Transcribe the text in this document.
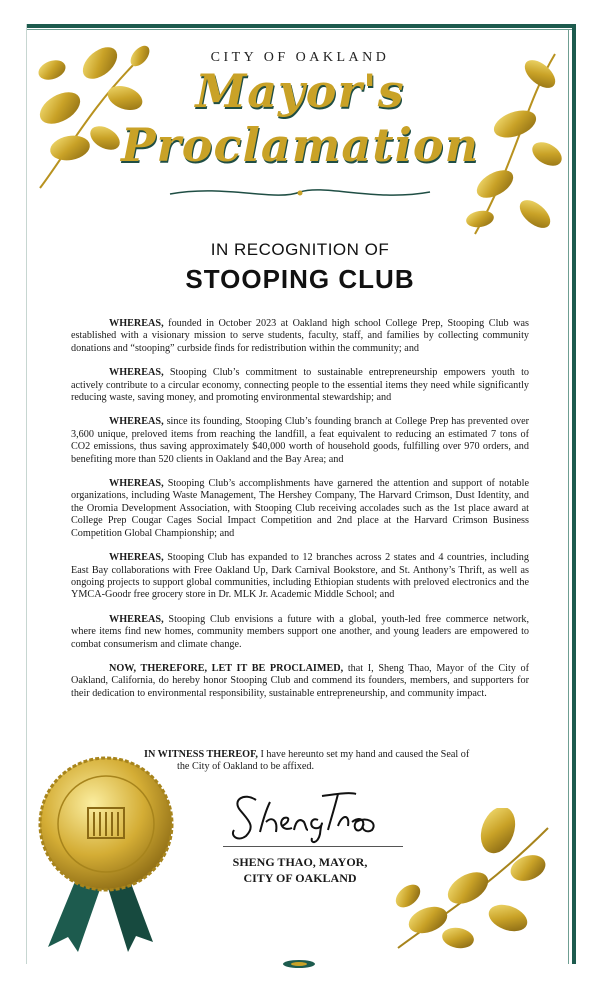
CITY OF OAKLAND
Mayor's
Proclamation
IN RECOGNITION OF
STOOPING CLUB

WHEREAS, founded in October 2023 at Oakland high school College Prep, Stooping Club was established with a visionary mission to serve students, faculty, staff, and families by collecting community donations and “stooping” curbside finds for redistribution within the community; and

WHEREAS, Stooping Club’s commitment to sustainable entrepreneurship empowers youth to actively contribute to a circular economy, connecting people to the essential items they need while significantly reducing waste, saving money, and promoting environmental stewardship; and

WHEREAS, since its founding, Stooping Club’s founding branch at College Prep has prevented over 3,600 unique, preloved items from reaching the landfill, a feat equivalent to reducing an estimated 7 tons of CO2 emissions, thus saving approximately $40,000 worth of household goods, fulfilling over 970 orders, and benefiting more than 520 clients in Oakland and the Bay Area; and

WHEREAS, Stooping Club’s accomplishments have garnered the attention and support of notable organizations, including Waste Management, The Hershey Company, The Harvard Crimson, Dust Identity, and the Oromia Development Association, with Stooping Club receiving accolades such as the 1st place award at College Prep Cougar Cages Social Impact Competition and 2nd place at the Harvard Crimson Business Competition Global Championship; and

WHEREAS, Stooping Club has expanded to 12 branches across 2 states and 4 countries, including East Bay collaborations with Free Oakland Up, Dark Carnival Bookstore, and St. Anthony’s Thrift, as well as ongoing projects to support global communities, including Ethiopian students with preloved electronics and the YMCA-Goodr free grocery store in Dr. MLK Jr. Academic Middle School; and

WHEREAS, Stooping Club envisions a future with a global, youth-led free commerce network, where items find new homes, community members support one another, and young leaders are empowered to combat consumerism and climate change.

NOW, THEREFORE, LET IT BE PROCLAIMED, that I, Sheng Thao, Mayor of the City of Oakland, California, do hereby honor Stooping Club and commend its founders, members, and supporters for their dedication to environmental responsibility, sustainable entrepreneurship, and community impact.

IN WITNESS THEREOF, I have hereunto set my hand and caused the Seal of
the City of Oakland to be affixed.
SHENG THAO, MAYOR,
CITY OF OAKLAND
